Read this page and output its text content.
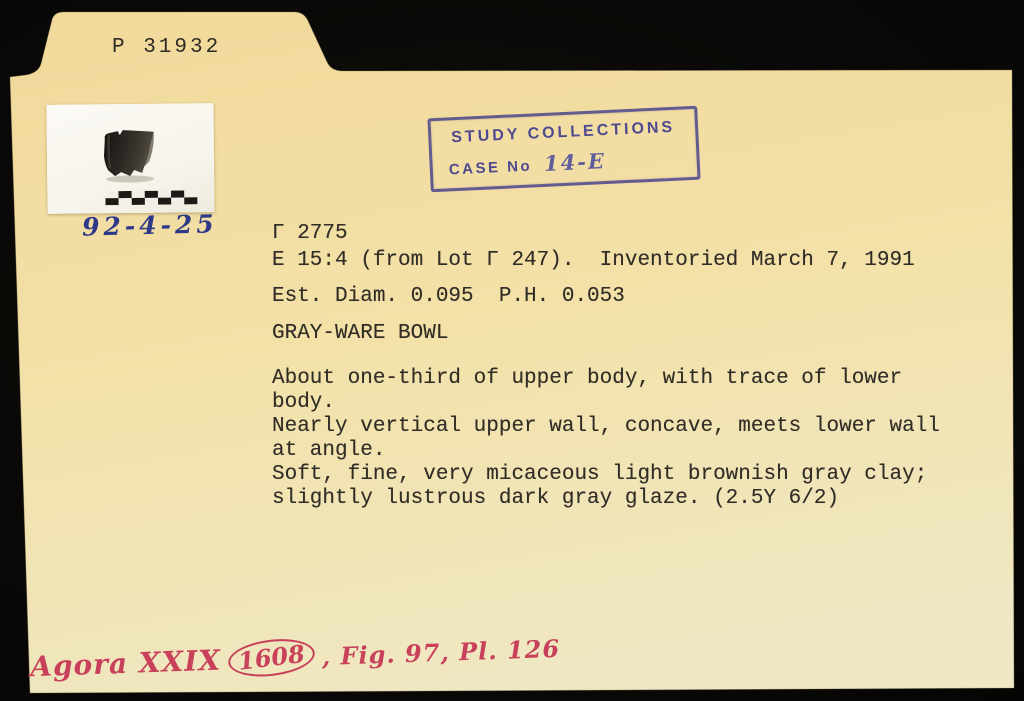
P 31932
92-4-25
STUDY COLLECTIONS
CASE No 14-E
Γ 2775
E 15:4 (from Lot Γ 247).  Inventoried March 7, 1991
Est. Diam. 0.095  P.H. 0.053
GRAY-WARE BOWL
About one-third of upper body, with trace of lower
body.
Nearly vertical upper wall, concave, meets lower wall
at angle.
Soft, fine, very micaceous light brownish gray clay;
slightly lustrous dark gray glaze. (2.5Y 6/2)
Agora XXIX 1608 , Fig. 97, Pl. 126
